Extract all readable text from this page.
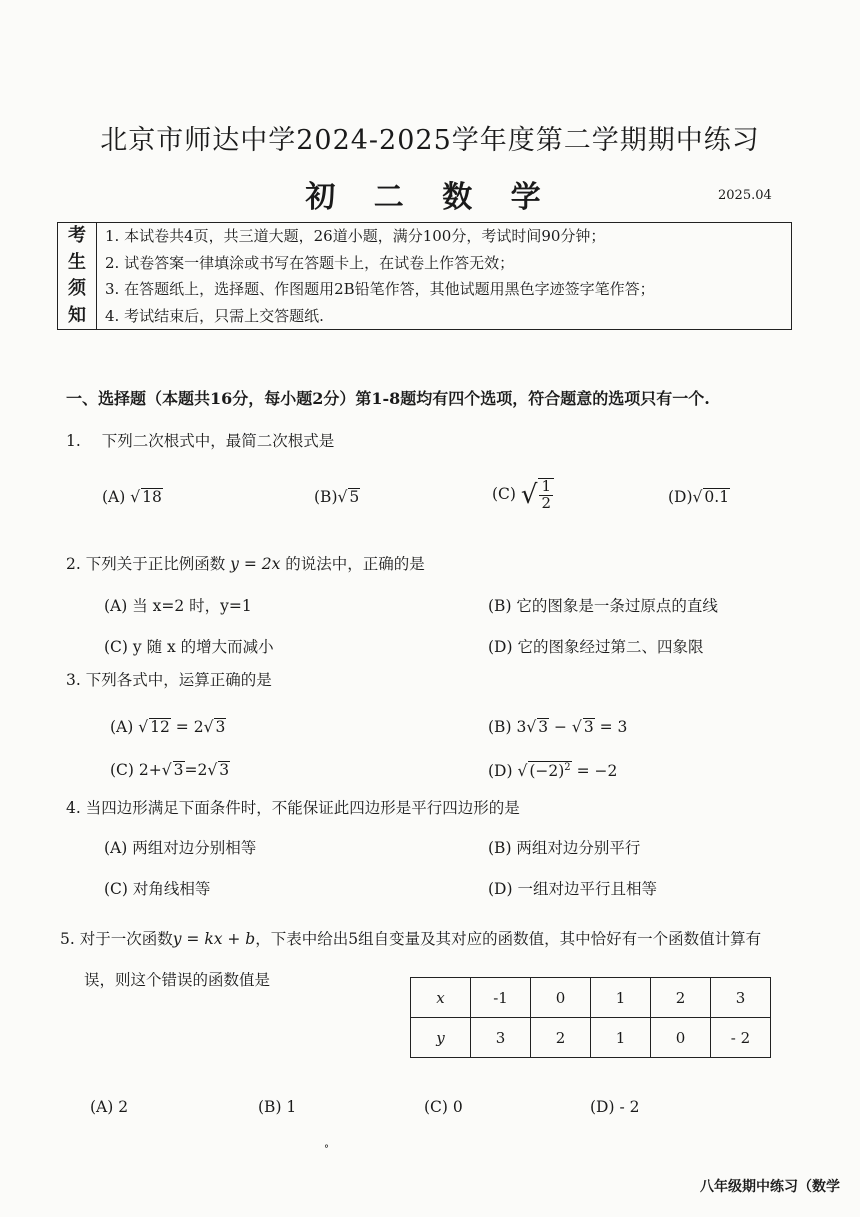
北京市师达中学2024-2025学年度第二学期期中练习
初 二 数 学	2025.04
考
生
须
知

1. 本试卷共4页，共三道大题，26道小题，满分100分，考试时间90分钟；
2. 试卷答案一律填涂或书写在答题卡上，在试卷上作答无效；
3. 在答题纸上，选择题、作图题用2B铅笔作答，其他试题用黑色字迹签字笔作答；
4. 考试结束后，只需上交答题纸.
一、选择题（本题共16分，每小题2分）第1-8题均有四个选项，符合题意的选项只有一个.
1. 下列二次根式中，最简二次根式是
(A) √ 18	(B)√ 5	(C) √ $\frac{1}{2}$	(D)√ 0.1
2. 下列关于正比例函数 y = 2x 的说法中，正确的是
(A) 当 x=2 时，y=1	(B) 它的图象是一条过原点的直线
(C) y 随 x 的增大而减小	(D) 它的图象经过第二、四象限
3. 下列各式中，运算正确的是
(A) √ 12 = 2√ 3	(B) 3√ 3 − √ 3 = 3
(C) 2+√ 3=2√ 3	(D) √ $(-2)^2 = -2$
4. 当四边形满足下面条件时，不能保证此四边形是平行四边形的是
(A) 两组对边分别相等	(B) 两组对边分别平行
(C) 对角线相等	(D) 一组对边平行且相等
5. 对于一次函数y = kx + b，下表中给出5组自变量及其对应的函数值，其中恰好有一个函数值计算有
误，则这个错误的函数值是
x	-1	0	1	2	3
y	3	2	1	0	- 2
(A) 2	(B) 1	(C) 0	(D) - 2
°
八年级期中练习（数学
